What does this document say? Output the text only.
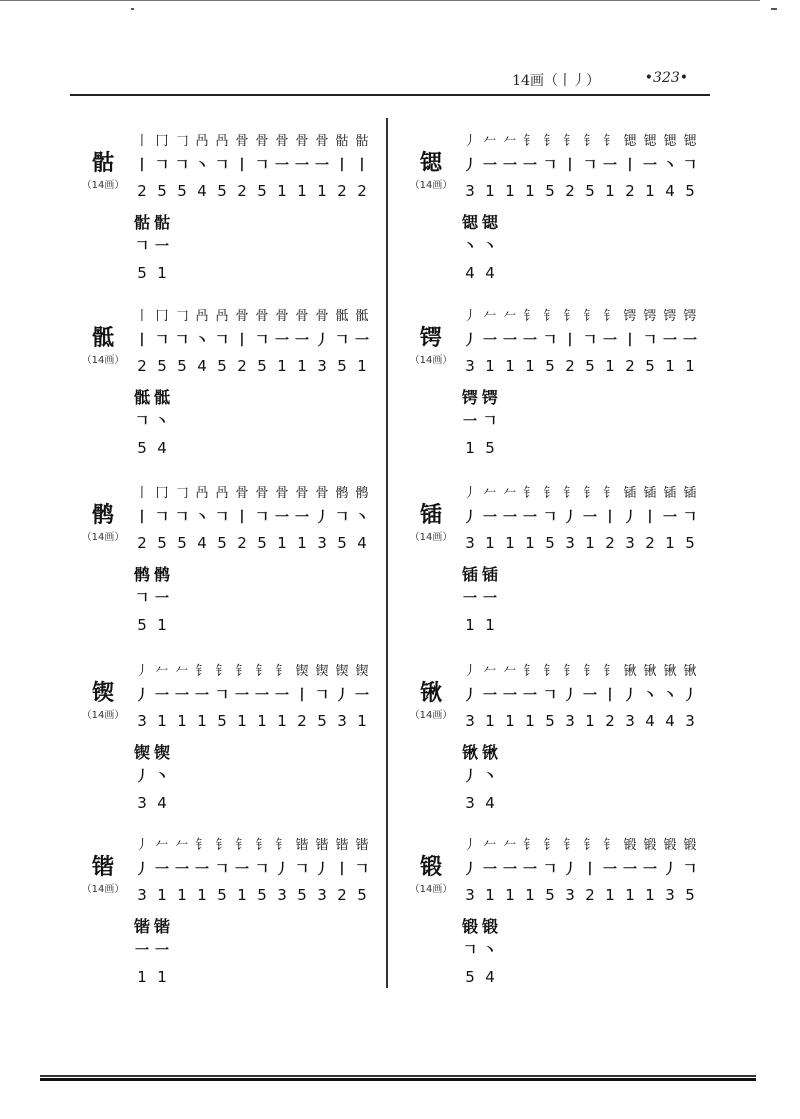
14画（丨丿）	•323•
骷
（14画）
丨 冂 𠃌 冎 冎 骨 骨 骨 骨 骨 骷 骷
丨 𠃍 𠃍 丶 𠃍 丨 𠃍 一 一 一 丨 丨
2 5 5 4 5 2 5 1 1 1 2 2
骷 骷
𠃍 一
5 1
骶
（14画）
丨 冂 𠃌 冎 冎 骨 骨 骨 骨 骨 骶 骶
丨 𠃍 𠃍 丶 𠃍 丨 𠃍 一 一 丿 𠃍 一
2 5 5 4 5 2 5 1 1 3 5 1
骶 骶
𠃍 丶
5 4
鹘
（14画）
丨 冂 𠃌 冎 冎 骨 骨 骨 骨 骨 鹘 鹘
丨 𠃍 𠃍 丶 𠃍 丨 𠃍 一 一 丿 𠃍 丶
2 5 5 4 5 2 5 1 1 3 5 4
鹘 鹘
𠃍 一
5 1
锲
（14画）
丿 𠂉 𠂉 钅 钅 钅 钅 钅 锲 锲 锲 锲
丿 一 一 一 𠃍 一 一 一 丨 𠃍 丿 一
3 1 1 1 5 1 1 1 2 5 3 1
锲 锲
丿 丶
3 4
锴
（14画）
丿 𠂉 𠂉 钅 钅 钅 钅 钅 锴 锴 锴 锴
丿 一 一 一 𠃍 一 𠃍 丿 𠃍 丿 丨 𠃍
3 1 1 1 5 1 5 3 5 3 2 5
锴 锴
一 一
1 1
锶
（14画）
丿 𠂉 𠂉 钅 钅 钅 钅 钅 锶 锶 锶 锶
丿 一 一 一 𠃍 丨 𠃍 一 丨 一 丶 𠃍
3 1 1 1 5 2 5 1 2 1 4 5
锶 锶
丶 丶
4 4
锷
（14画）
丿 𠂉 𠂉 钅 钅 钅 钅 钅 锷 锷 锷 锷
丿 一 一 一 𠃍 丨 𠃍 一 丨 𠃍 一 一
3 1 1 1 5 2 5 1 2 5 1 1
锷 锷
一 𠃍
1 5
锸
（14画）
丿 𠂉 𠂉 钅 钅 钅 钅 钅 锸 锸 锸 锸
丿 一 一 一 𠃍 丿 一 丨 丿 丨 一 𠃍
3 1 1 1 5 3 1 2 3 2 1 5
锸 锸
一 一
1 1
锹
（14画）
丿 𠂉 𠂉 钅 钅 钅 钅 钅 锹 锹 锹 锹
丿 一 一 一 𠃍 丿 一 丨 丿 丶 丶 丿
3 1 1 1 5 3 1 2 3 4 4 3
锹 锹
丿 丶
3 4
锻
（14画）
丿 𠂉 𠂉 钅 钅 钅 钅 钅 锻 锻 锻 锻
丿 一 一 一 𠃍 丿 丨 一 一 一 丿 𠃍
3 1 1 1 5 3 2 1 1 1 3 5
锻 锻
𠃍 丶
5 4
